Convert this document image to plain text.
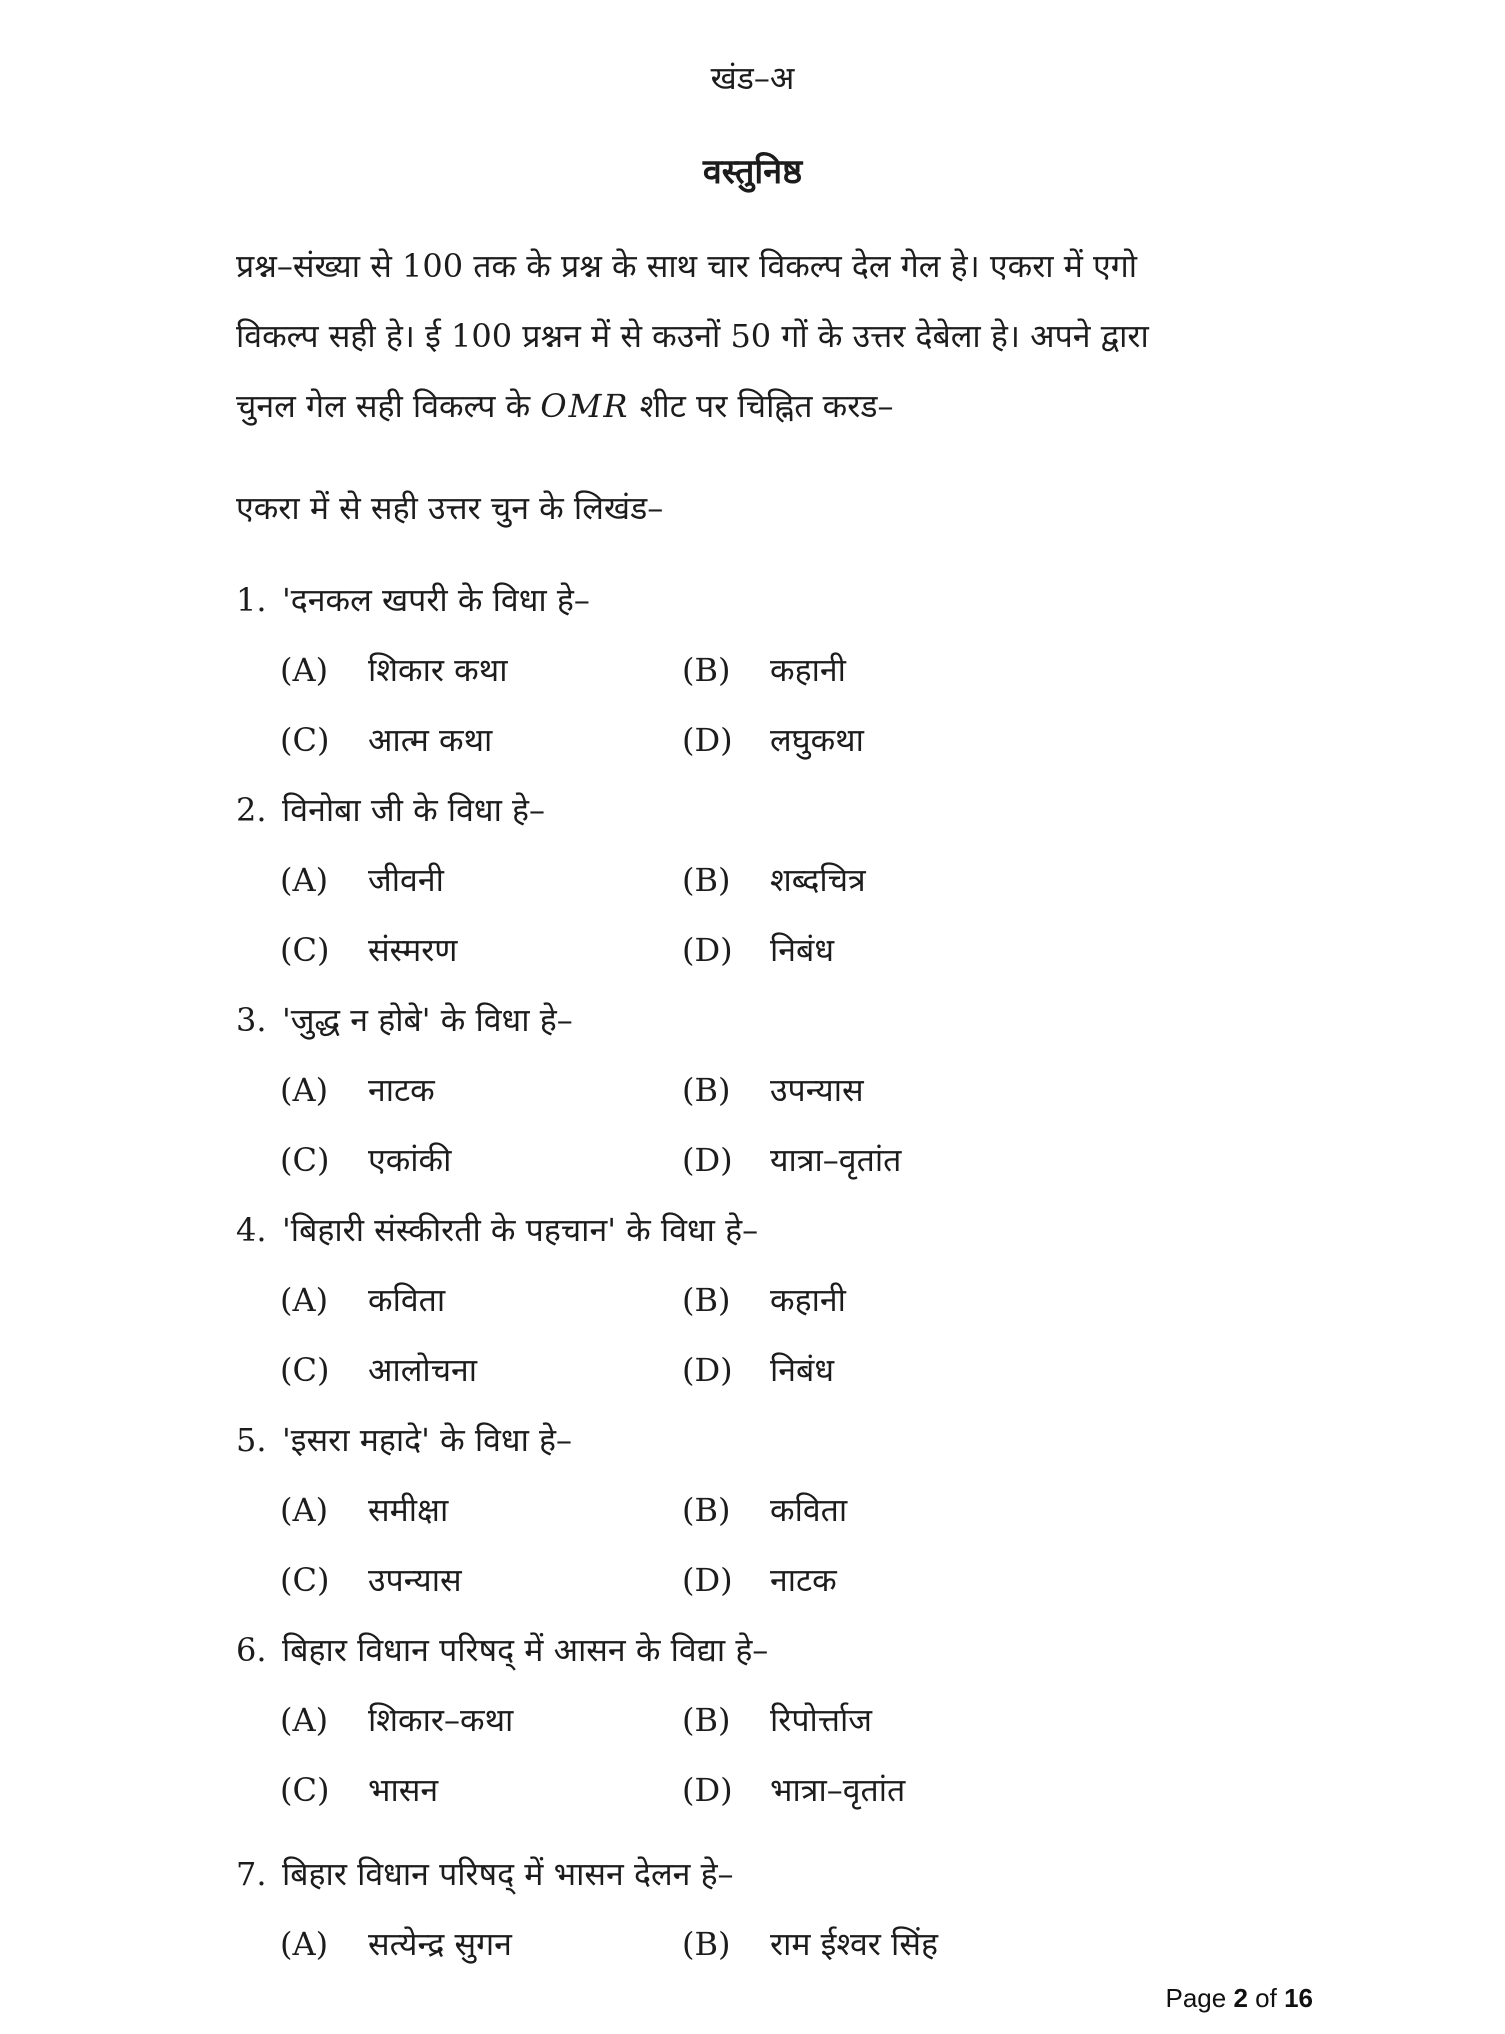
खंड–अ
वस्तुनिष्ठ
प्रश्न–संख्या से 100 तक के प्रश्न के साथ चार विकल्प देल गेल हे। एकरा में एगो
विकल्प सही हे। ई 100 प्रश्नन में से कउनों 50 गों के उत्तर देबेला हे। अपने द्वारा
चुनल गेल सही विकल्प के OMR शीट पर चिह्नित करड–
एकरा में से सही उत्तर चुन के लिखंड–
1. 'दनकल खपरी के विधा हे–
(A) शिकार कथा	(B) कहानी
(C) आत्म कथा	(D) लघुकथा
2. विनोबा जी के विधा हे–
(A) जीवनी	(B) शब्दचित्र
(C) संस्मरण	(D) निबंध
3. 'जुद्ध न होबे' के विधा हे–
(A) नाटक	(B) उपन्यास
(C) एकांकी	(D) यात्रा–वृतांत
4. 'बिहारी संस्कीरती के पहचान' के विधा हे–
(A) कविता	(B) कहानी
(C) आलोचना	(D) निबंध
5. 'इसरा महादे' के विधा हे–
(A) समीक्षा	(B) कविता
(C) उपन्यास	(D) नाटक
6. बिहार विधान परिषद् में आसन के विद्या हे–
(A) शिकार–कथा	(B) रिपोर्त्ताज
(C) भासन	(D) भात्रा–वृतांत
7. बिहार विधान परिषद् में भासन देलन हे–
(A) सत्येन्द्र सुगन	(B) राम ईश्वर सिंह
Page 2 of 16
